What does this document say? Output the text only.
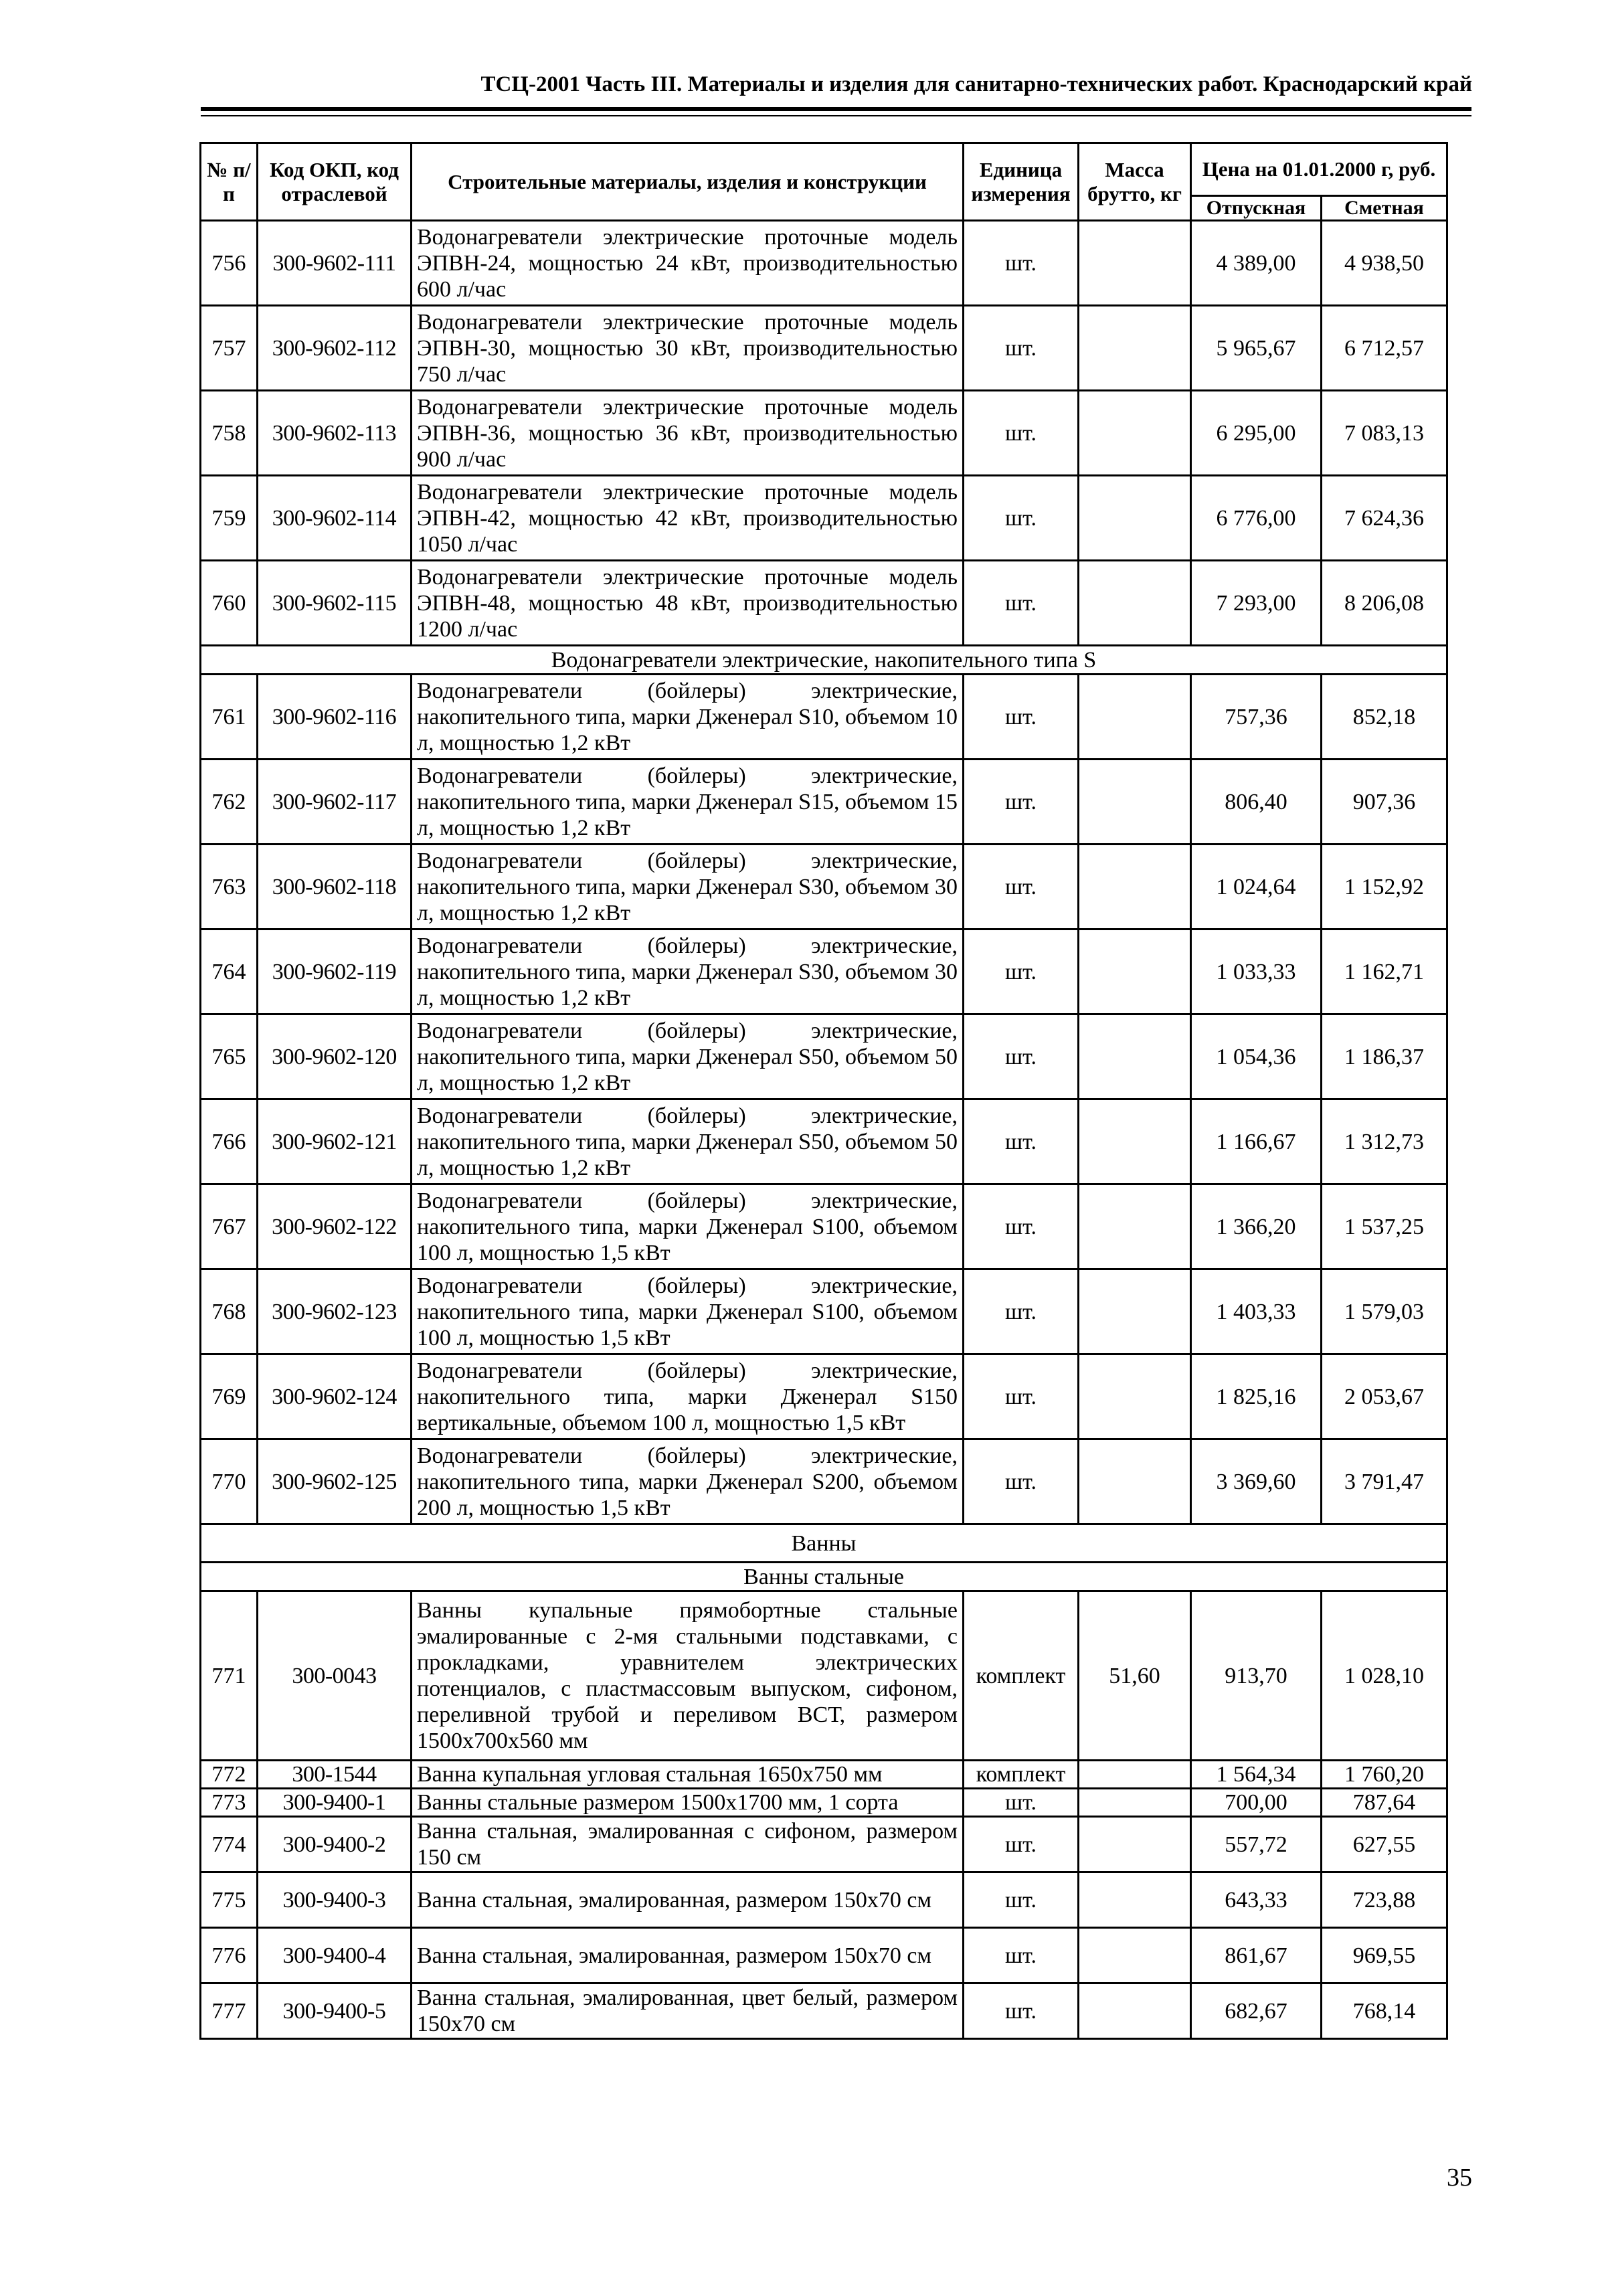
ТСЦ-2001 Часть III. Материалы и изделия для санитарно-технических работ. Краснодарский край
№ п/п	Код ОКП, код отраслевой	Строительные материалы, изделия и конструкции	Единица измерения	Масса брутто, кг	Цена на 01.01.2000 г, руб.	
					Отпускная	Сметная
756	300-9602-111	Водонагреватели электрические проточные модель ЭПВН-24, мощностью 24 кВт, производительностью 600 л/час	шт.		4 389,00	4 938,50
757	300-9602-112	Водонагреватели электрические проточные модель ЭПВН-30, мощностью 30 кВт, производительностью 750 л/час	шт.		5 965,67	6 712,57
758	300-9602-113	Водонагреватели электрические проточные модель ЭПВН-36, мощностью 36 кВт, производительностью 900 л/час	шт.		6 295,00	7 083,13
759	300-9602-114	Водонагреватели электрические проточные модель ЭПВН-42, мощностью 42 кВт, производительностью 1050 л/час	шт.		6 776,00	7 624,36
760	300-9602-115	Водонагреватели электрические проточные модель ЭПВН-48, мощностью 48 кВт, производительностью 1200 л/час	шт.		7 293,00	8 206,08
Водонагреватели электрические, накопительного типа S						
761	300-9602-116	Водонагреватели (бойлеры) электрические, накопительного типа, марки Дженерал S10, объемом 10 л, мощностью 1,2 кВт	шт.		757,36	852,18
762	300-9602-117	Водонагреватели (бойлеры) электрические, накопительного типа, марки Дженерал S15, объемом 15 л, мощностью 1,2 кВт	шт.		806,40	907,36
763	300-9602-118	Водонагреватели (бойлеры) электрические, накопительного типа, марки Дженерал S30, объемом 30 л, мощностью 1,2 кВт	шт.		1 024,64	1 152,92
764	300-9602-119	Водонагреватели (бойлеры) электрические, накопительного типа, марки Дженерал S30, объемом 30 л, мощностью 1,2 кВт	шт.		1 033,33	1 162,71
765	300-9602-120	Водонагреватели (бойлеры) электрические, накопительного типа, марки Дженерал S50, объемом 50 л, мощностью 1,2 кВт	шт.		1 054,36	1 186,37
766	300-9602-121	Водонагреватели (бойлеры) электрические, накопительного типа, марки Дженерал S50, объемом 50 л, мощностью 1,2 кВт	шт.		1 166,67	1 312,73
767	300-9602-122	Водонагреватели (бойлеры) электрические, накопительного типа, марки Дженерал S100, объемом 100 л, мощностью 1,5 кВт	шт.		1 366,20	1 537,25
768	300-9602-123	Водонагреватели (бойлеры) электрические, накопительного типа, марки Дженерал S100, объемом 100 л, мощностью 1,5 кВт	шт.		1 403,33	1 579,03
769	300-9602-124	Водонагреватели (бойлеры) электрические, накопительного типа, марки Дженерал S150 вертикальные, объемом 100 л, мощностью 1,5 кВт	шт.		1 825,16	2 053,67
770	300-9602-125	Водонагреватели (бойлеры) электрические, накопительного типа, марки Дженерал S200, объемом 200 л, мощностью 1,5 кВт	шт.		3 369,60	3 791,47
Ванны						
Ванны стальные						
771	300-0043	Ванны купальные прямобортные стальные эмалированные с 2-мя стальными подставками, с прокладками, уравнителем электрических потенциалов, с пластмассовым выпуском, сифоном, переливной трубой и переливом ВСТ, размером 1500х700х560 мм	комплект	51,60	913,70	1 028,10
772	300-1544	Ванна купальная угловая стальная 1650х750 мм	комплект		1 564,34	1 760,20
773	300-9400-1	Ванны стальные размером 1500х1700 мм, 1 сорта	шт.		700,00	787,64
774	300-9400-2	Ванна стальная, эмалированная с сифоном, размером 150 см	шт.		557,72	627,55
775	300-9400-3	Ванна стальная, эмалированная, размером 150х70 см	шт.		643,33	723,88
776	300-9400-4	Ванна стальная, эмалированная, размером 150х70 см	шт.		861,67	969,55
777	300-9400-5	Ванна стальная, эмалированная, цвет белый, размером 150х70 см	шт.		682,67	768,14
35
